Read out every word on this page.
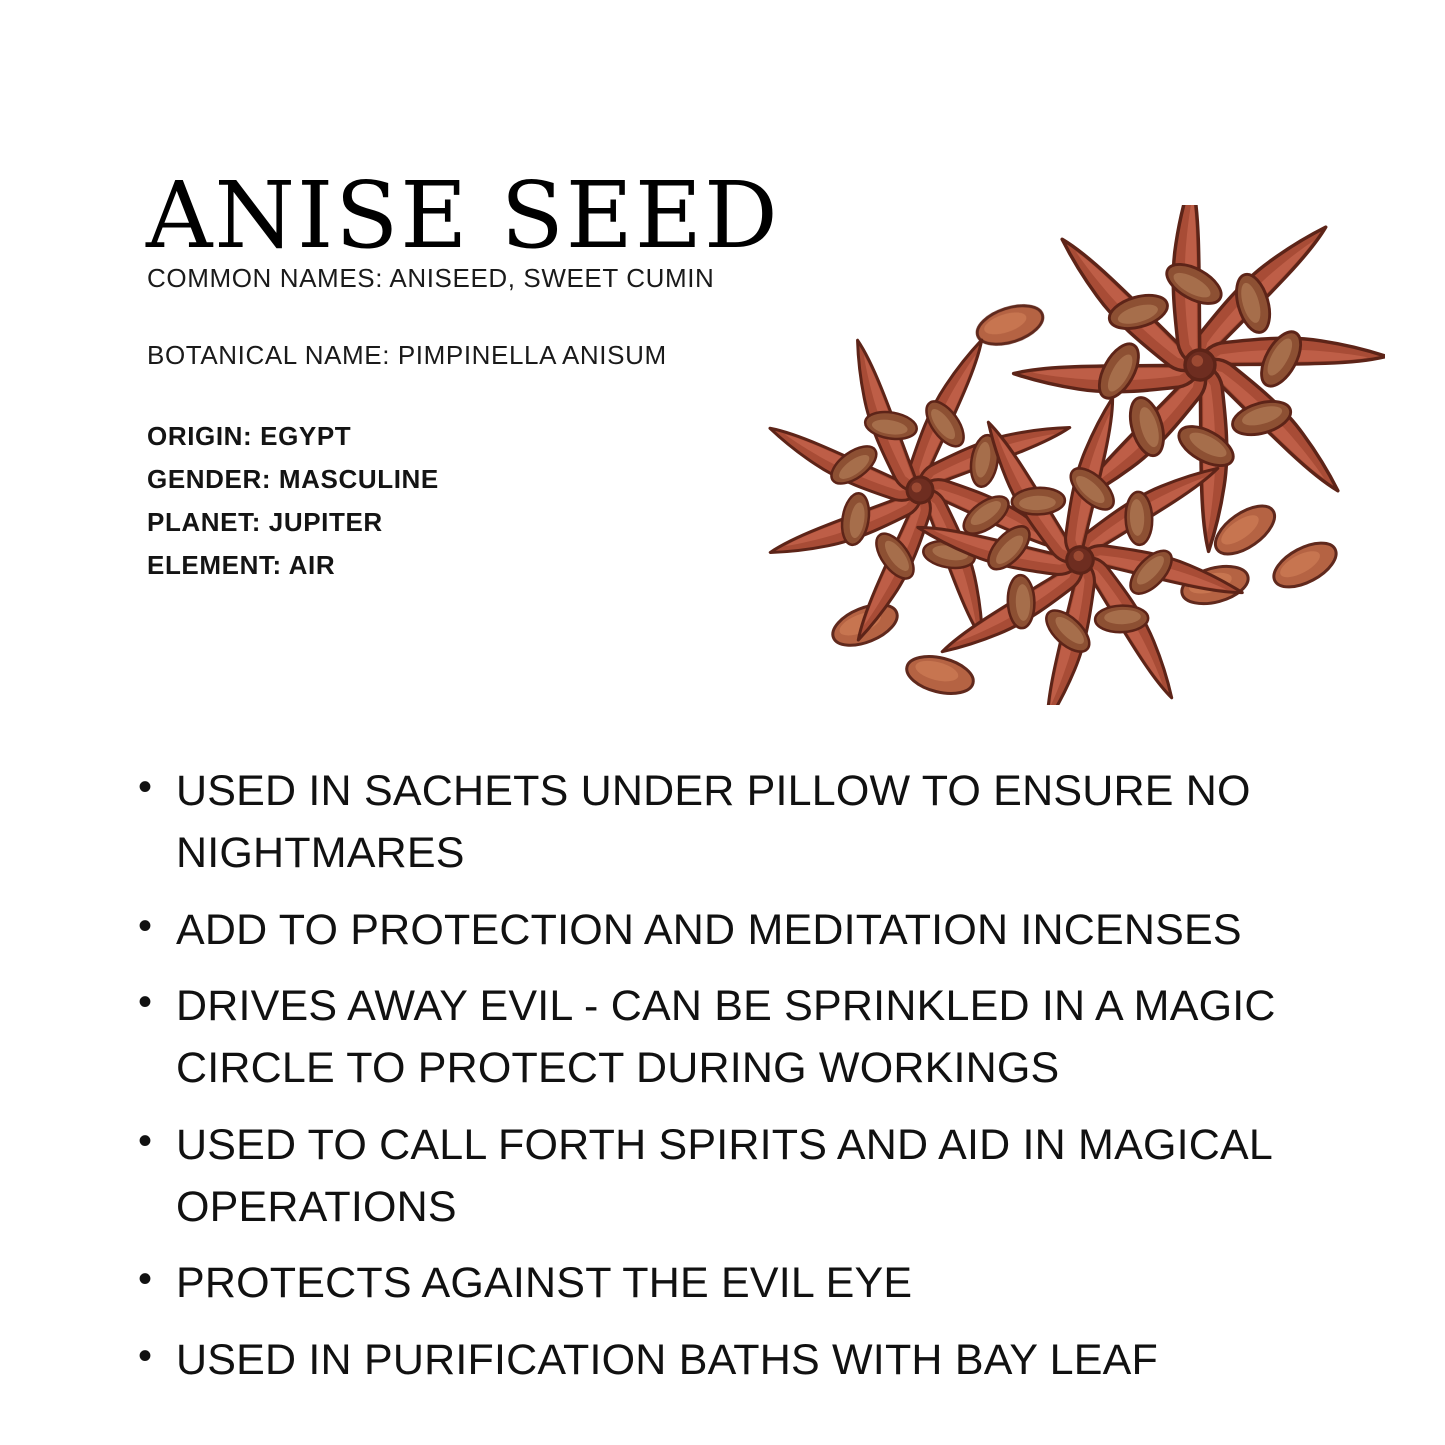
ANISE SEED
COMMON NAMES: ANISEED, SWEET CUMIN
BOTANICAL NAME: PIMPINELLA ANISUM
ORIGIN: EGYPT
GENDER: MASCULINE
PLANET: JUPITER
ELEMENT: AIR
• USED IN SACHETS UNDER PILLOW TO ENSURE NO NIGHTMARES
• ADD TO PROTECTION AND MEDITATION INCENSES
• DRIVES AWAY EVIL - CAN BE SPRINKLED IN A MAGIC CIRCLE TO PROTECT DURING WORKINGS
• USED TO CALL FORTH SPIRITS AND AID IN MAGICAL OPERATIONS
• PROTECTS AGAINST THE EVIL EYE
• USED IN PURIFICATION BATHS WITH BAY LEAF
